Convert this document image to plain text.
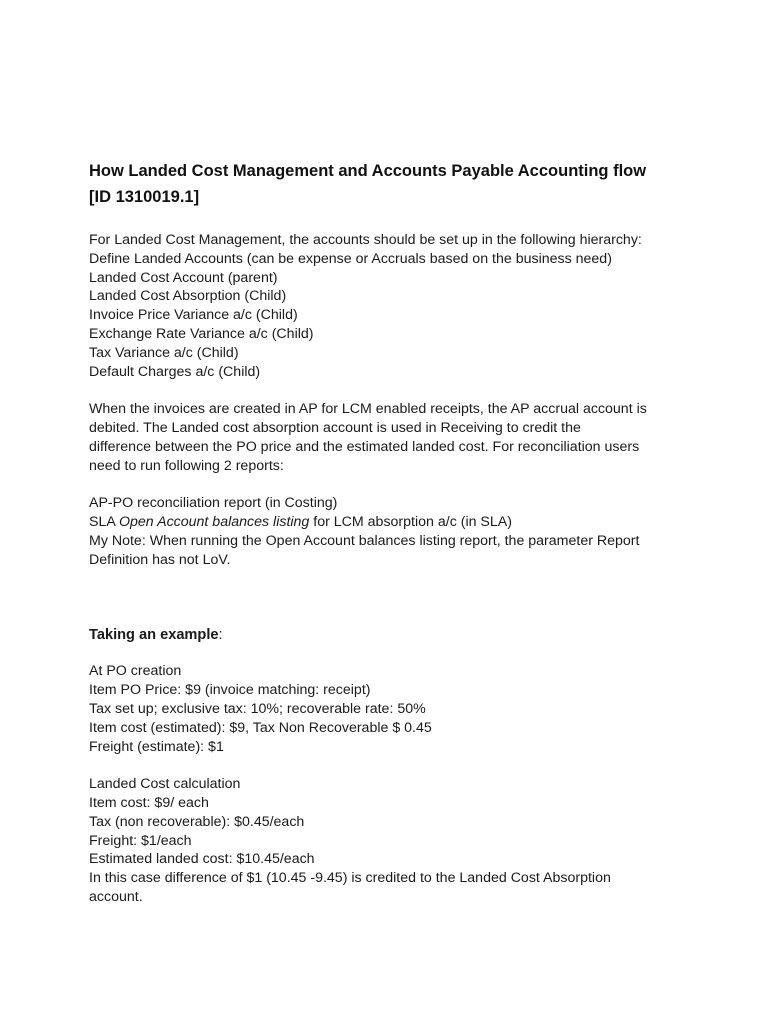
How Landed Cost Management and Accounts Payable Accounting flow
[ID 1310019.1]
For Landed Cost Management, the accounts should be set up in the following hierarchy:
Define Landed Accounts (can be expense or Accruals based on the business need)
Landed Cost Account (parent)
Landed Cost Absorption (Child)
Invoice Price Variance a/c (Child)
Exchange Rate Variance a/c (Child)
Tax Variance a/c (Child)
Default Charges a/c (Child)
When the invoices are created in AP for LCM enabled receipts, the AP accrual account is
debited. The Landed cost absorption account is used in Receiving to credit the
difference between the PO price and the estimated landed cost. For reconciliation users
need to run following 2 reports:
AP-PO reconciliation report (in Costing)
SLA Open Account balances listing for LCM absorption a/c (in SLA)
My Note: When running the Open Account balances listing report, the parameter Report
Definition has not LoV.

Taking an example:

At PO creation
Item PO Price: $9 (invoice matching: receipt)
Tax set up; exclusive tax: 10%; recoverable rate: 50%
Item cost (estimated): $9, Tax Non Recoverable $ 0.45
Freight (estimate): $1
Landed Cost calculation
Item cost: $9/ each
Tax (non recoverable): $0.45/each
Freight: $1/each
Estimated landed cost: $10.45/each
In this case difference of $1 (10.45 -9.45) is credited to the Landed Cost Absorption
account.
